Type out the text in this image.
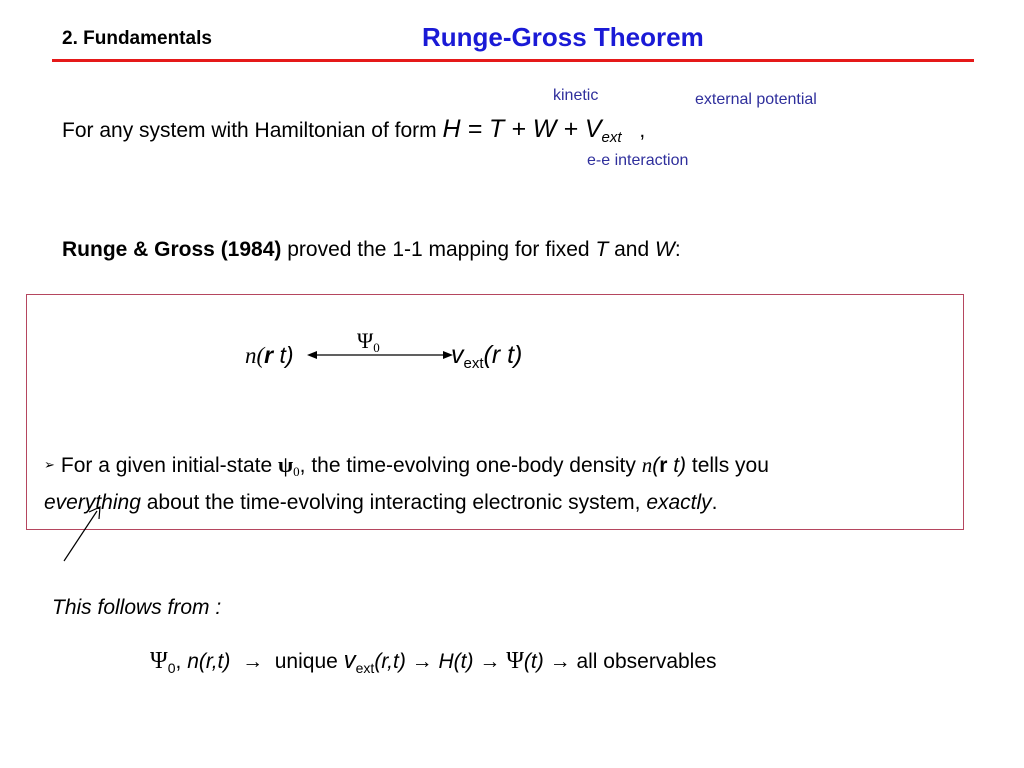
2. Fundamentals	Runge-Gross Theorem
kinetic	external potential
e-e interaction
For any system with Hamiltonian of form $H = T + W + V_{ext}$ ,
Runge & Gross (1984) proved the 1-1 mapping for fixed T and W:
n(r t)
Ψ0	$v_{ext}(r$ t)
➢ For a given initial-state ψ0, the time-evolving one-body density n(r t) tells you
everything about the time-evolving interacting electronic system, exactly.
This follows from :
$\Psi_0$, n(r,t) → unique $v_{ext}(r,t) \to H(t) \to \Psi(t)$ → all observables
